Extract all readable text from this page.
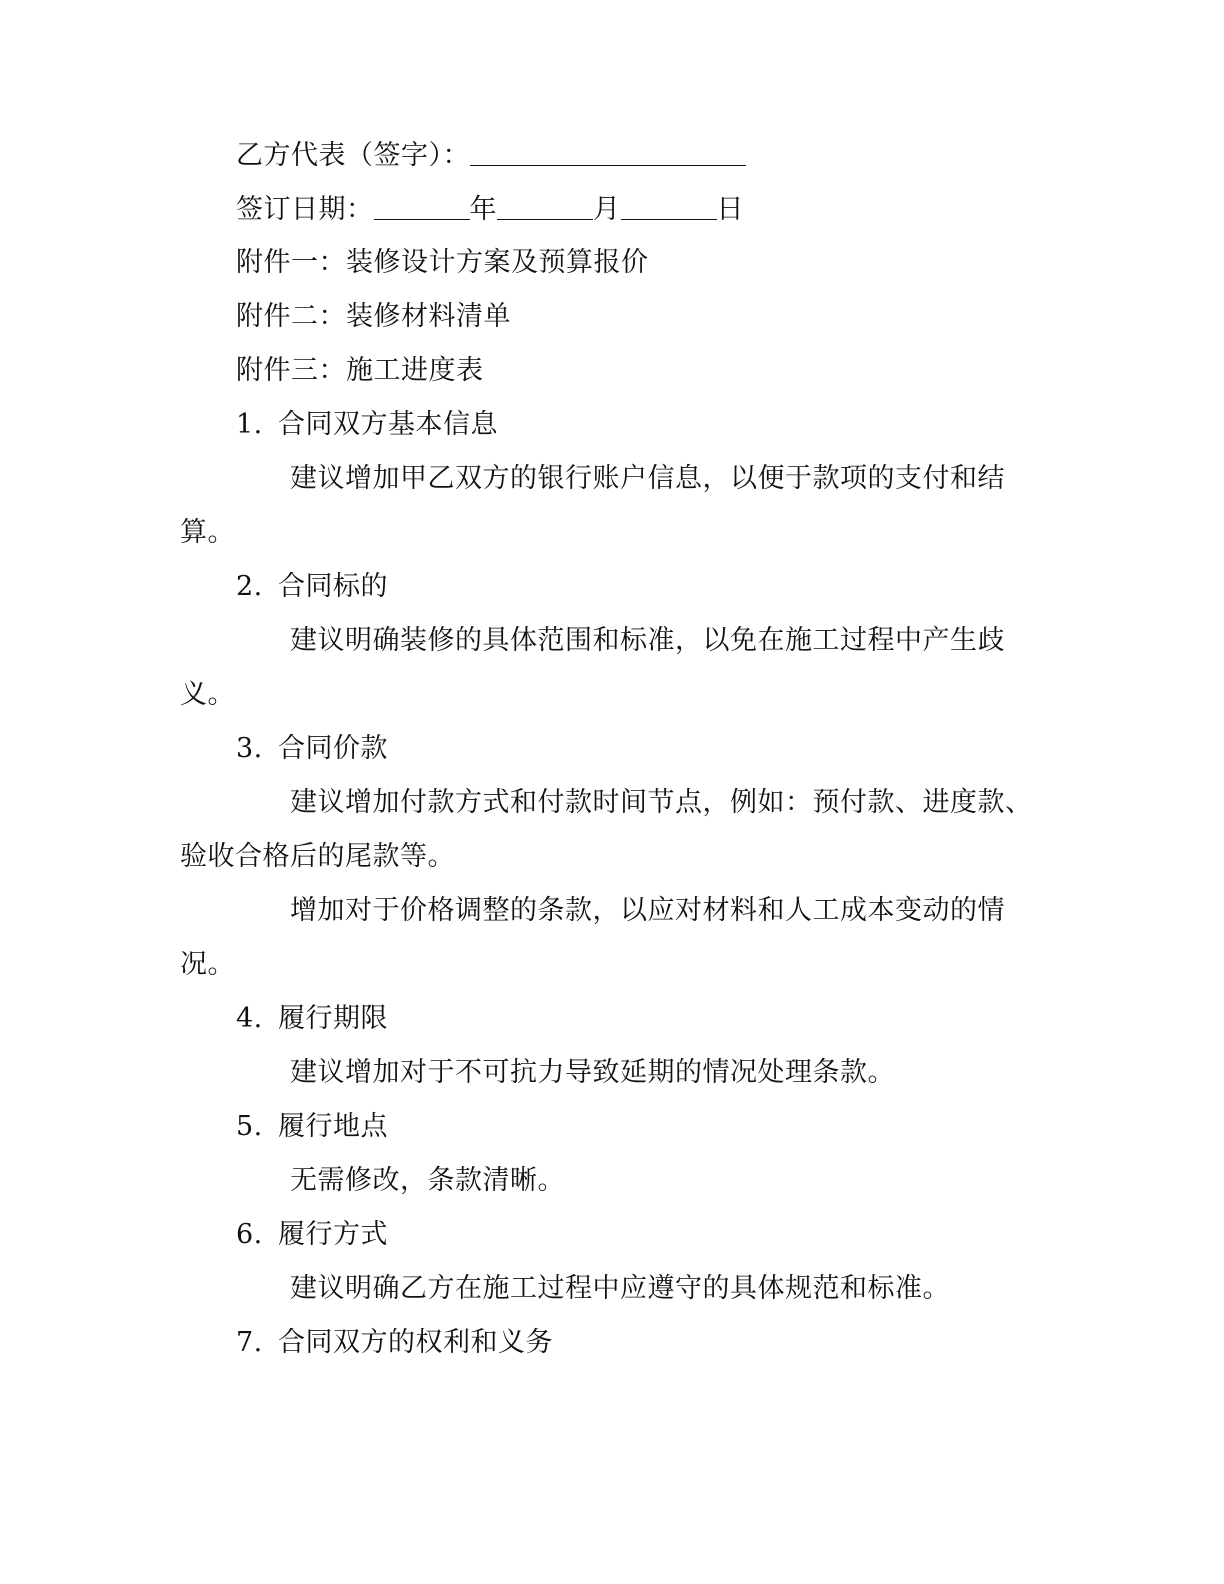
乙方代表（签字）：
签订日期：	年	月	日
附件一：装修设计方案及预算报价
附件二：装修材料清单
附件三：施工进度表
1. 合同双方基本信息
建议增加甲乙双方的银行账户信息，以便于款项的支付和结
算。
2. 合同标的
建议明确装修的具体范围和标准，以免在施工过程中产生歧
义。
3. 合同价款
建议增加付款方式和付款时间节点，例如：预付款、进度款、
验收合格后的尾款等。
增加对于价格调整的条款，以应对材料和人工成本变动的情
况。
4. 履行期限
建议增加对于不可抗力导致延期的情况处理条款。
5. 履行地点
无需修改，条款清晰。
6. 履行方式
建议明确乙方在施工过程中应遵守的具体规范和标准。
7. 合同双方的权利和义务
